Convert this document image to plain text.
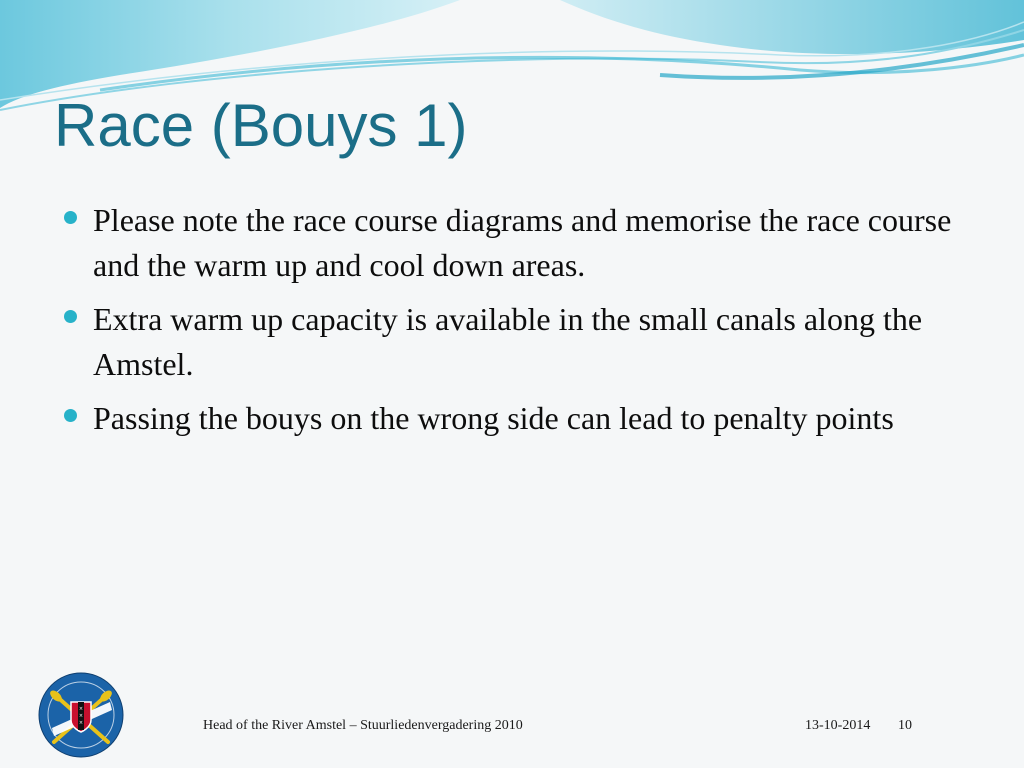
Race (Bouys 1)
Please note the race course diagrams and memorise the race course and the warm up and cool down areas.
Extra warm up capacity is available in the small canals along the Amstel.
Passing the bouys on the wrong side can lead to penalty points
×
×
×	Head of the River Amstel – Stuurliedenvergadering 2010	13-10-2014 10
